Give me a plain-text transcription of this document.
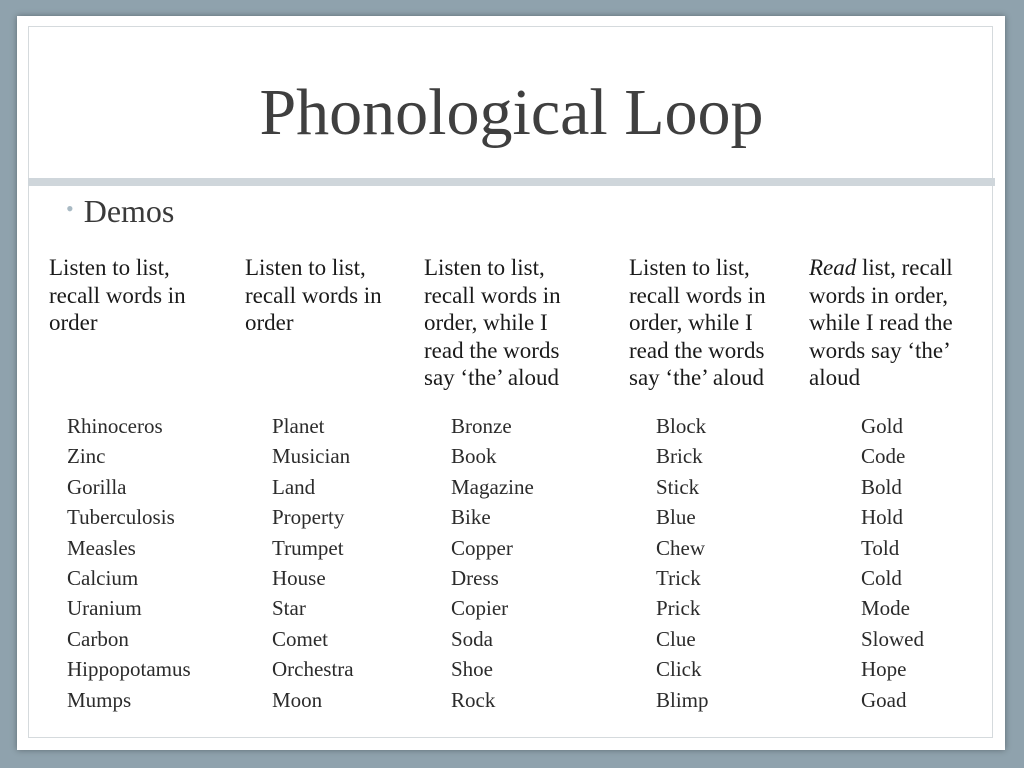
Phonological Loop
• Demos
Listen to list,
recall words in
order
Rhinoceros
Zinc
Gorilla
Tuberculosis
Measles
Calcium
Uranium
Carbon
Hippopotamus
Mumps
Listen to list,
recall words in
order
Planet
Musician
Land
Property
Trumpet
House
Star
Comet
Orchestra
Moon
Listen to list,
recall words in
order, while I
read the words
say ‘the’ aloud
Bronze
Book
Magazine
Bike
Copper
Dress
Copier
Soda
Shoe
Rock
Listen to list,
recall words in
order, while I
read the words
say ‘the’ aloud
Block
Brick
Stick
Blue
Chew
Trick
Prick
Clue
Click
Blimp
Read list, recall
words in order,
while I read the
words say ‘the’
aloud
Gold
Code
Bold
Hold
Told
Cold
Mode
Slowed
Hope
Goad
